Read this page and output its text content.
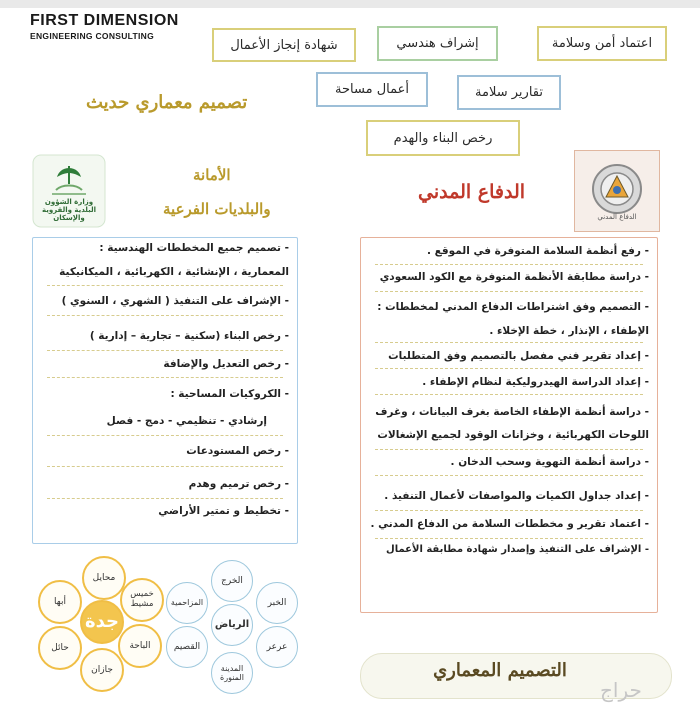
FIRST DIMENSION
ENGINEERING CONSULTING
شهادة إنجاز الأعمال	إشراف هندسي	اعتماد أمن وسلامة
أعمال مساحة	تقارير سلامة
رخص البناء والهدم
تصميم معماري حديث
وزارة الشؤون البلدية والقروية والإسكان
الأمانة
والبلديات الفرعية
الدفاع المدني
الدفاع المدني
- رفع أنظمة السلامة المتوفرة في الموقع .
- دراسة مطابقة الأنظمة المتوفرة مع الكود السعودي
- التصميم وفق اشتراطات الدفاع المدني لمخططات :
الإطفاء ، الإنذار ، خطة الإخلاء .
- إعداد تقرير فني مفصل بالتصميم وفق المتطلبات
- إعداد الدراسة الهيدروليكية لنظام الإطفاء .
- دراسة أنظمة الإطفاء الخاصة بغرف البيانات ، وغرف
اللوحات الكهربائية ، وخزانات الوقود لجميع الإشغالات
- دراسة أنظمة التهوية وسحب الدخان .
- إعداد جداول الكميات والمواصفات لأعمال التنفيذ .
- اعتماد تقرير و مخططات السلامة من الدفاع المدني .
- الإشراف على التنفيذ وإصدار شهادة مطابقة الأعمال
- تصميم جميع المخططات الهندسية :
المعمارية ، الإنشائية ، الكهربائية ، الميكانيكية
- الإشراف على التنفيذ ( الشهري ، السنوي )
- رخص البناء (سكنية – تجارية – إدارية )
- رخص التعديل والإضافة
- الكروكيات المساحية :
إرشادي - تنظيمي - دمج - فصل
- رخص المستودعات
- رخص ترميم وهدم
- تخطيط و تمتير الأراضي
محايل
خميس مشيط
أبها
جدة
الباحة
حائل
جازان
الخرج
المزاحمية	الخبر
الرياض
القصيم	عرعر
المدينة المنورة	التصميم المعماري
حراج
